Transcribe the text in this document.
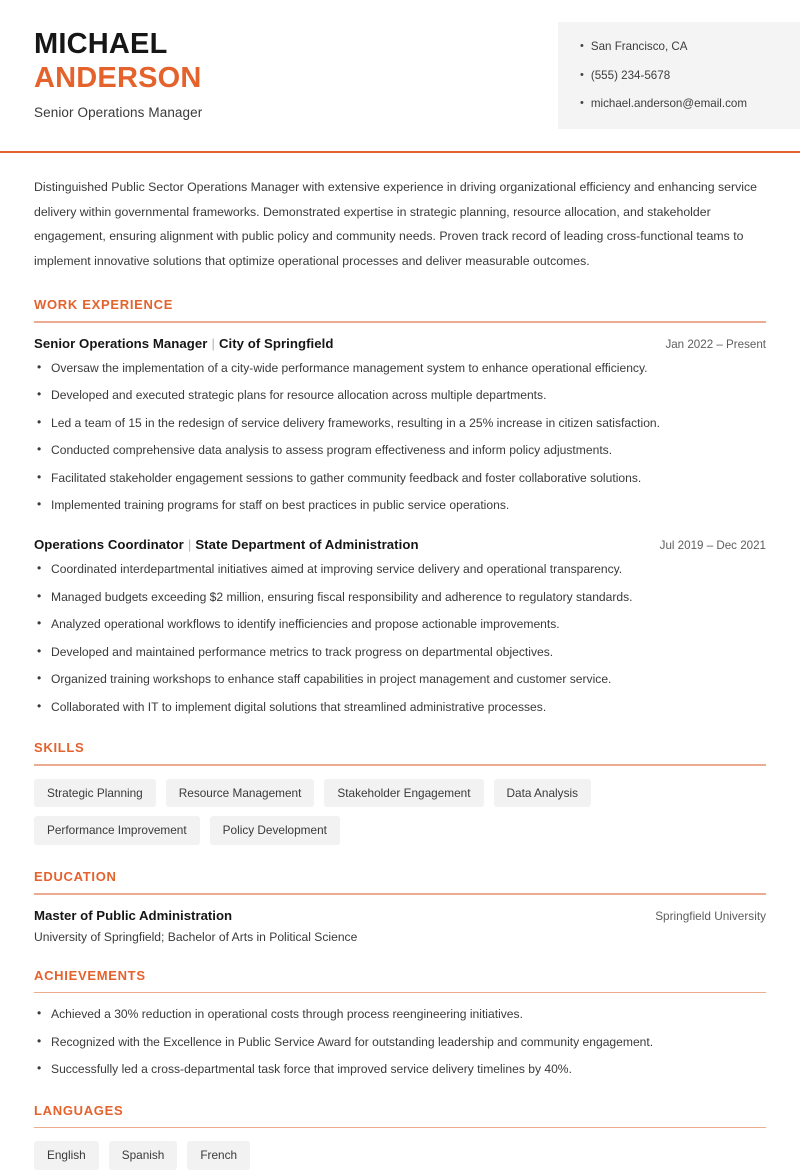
MICHAEL
ANDERSON
Senior Operations Manager
• San Francisco, CA
• (555) 234-5678
• michael.anderson@email.com
Distinguished Public Sector Operations Manager with extensive experience in driving organizational efficiency and enhancing service delivery within governmental frameworks. Demonstrated expertise in strategic planning, resource allocation, and stakeholder engagement, ensuring alignment with public policy and community needs. Proven track record of leading cross-functional teams to implement innovative solutions that optimize operational processes and deliver measurable outcomes.
WORK EXPERIENCE
Senior Operations Manager | City of Springfield	Jan 2022 – Present
• Oversaw the implementation of a city-wide performance management system to enhance operational efficiency.
• Developed and executed strategic plans for resource allocation across multiple departments.
• Led a team of 15 in the redesign of service delivery frameworks, resulting in a 25% increase in citizen satisfaction.
• Conducted comprehensive data analysis to assess program effectiveness and inform policy adjustments.
• Facilitated stakeholder engagement sessions to gather community feedback and foster collaborative solutions.
• Implemented training programs for staff on best practices in public service operations.
Operations Coordinator | State Department of Administration	Jul 2019 – Dec 2021
• Coordinated interdepartmental initiatives aimed at improving service delivery and operational transparency.
• Managed budgets exceeding $2 million, ensuring fiscal responsibility and adherence to regulatory standards.
• Analyzed operational workflows to identify inefficiencies and propose actionable improvements.
• Developed and maintained performance metrics to track progress on departmental objectives.
• Organized training workshops to enhance staff capabilities in project management and customer service.
• Collaborated with IT to implement digital solutions that streamlined administrative processes.
SKILLS
Strategic Planning	Resource Management	Stakeholder Engagement	Data Analysis
Performance Improvement	Policy Development
EDUCATION
Master of Public Administration	Springfield University
University of Springfield; Bachelor of Arts in Political Science
ACHIEVEMENTS
• Achieved a 30% reduction in operational costs through process reengineering initiatives.
• Recognized with the Excellence in Public Service Award for outstanding leadership and community engagement.
• Successfully led a cross-departmental task force that improved service delivery timelines by 40%.
LANGUAGES
English	Spanish	French
